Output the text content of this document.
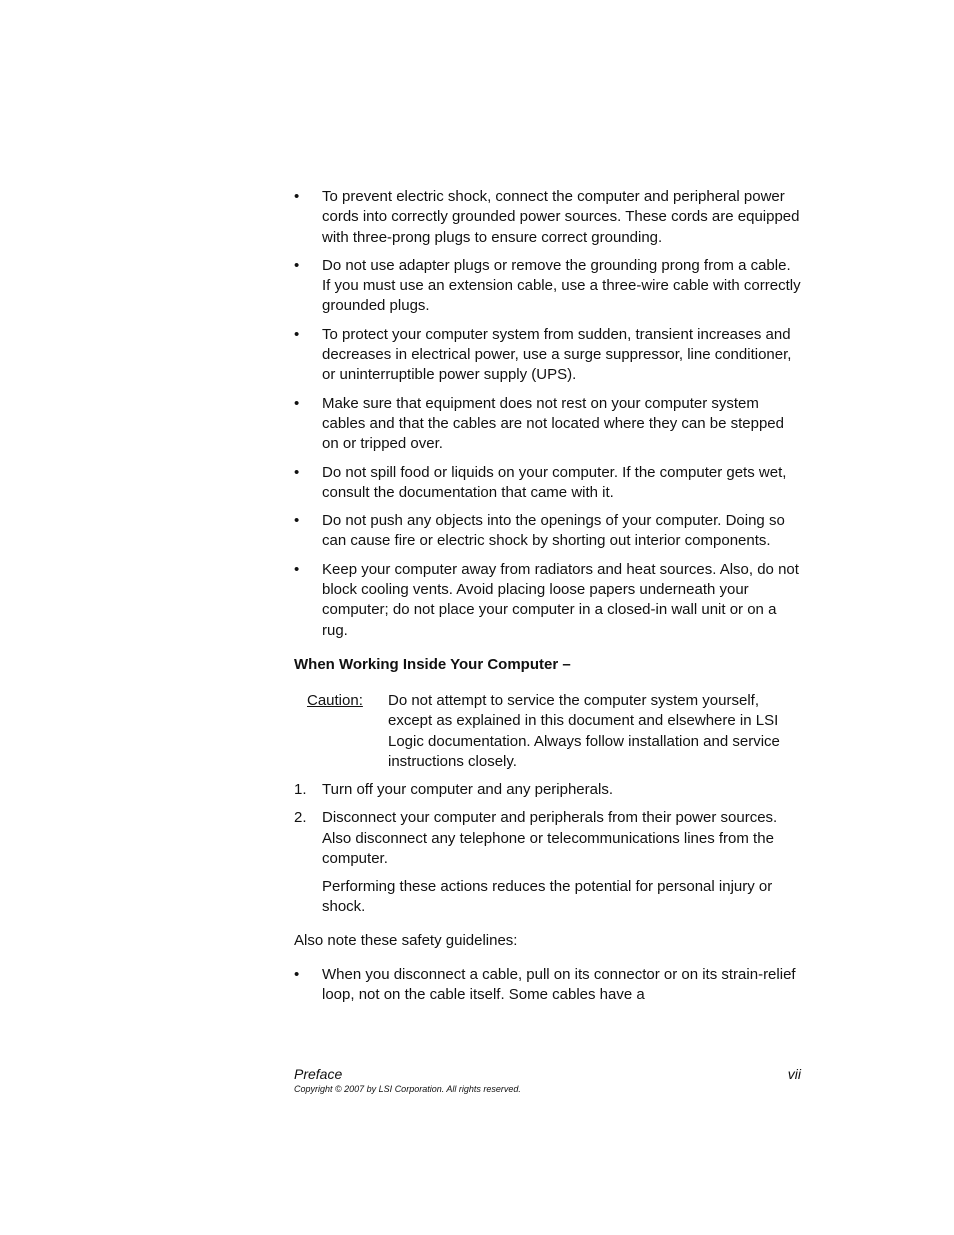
•	To prevent electric shock, connect the computer and peripheral power cords into correctly grounded power sources. These cords are equipped with three-prong plugs to ensure correct grounding.
•	Do not use adapter plugs or remove the grounding prong from a cable. If you must use an extension cable, use a three-wire cable with correctly grounded plugs.
•	To protect your computer system from sudden, transient increases and decreases in electrical power, use a surge suppressor, line conditioner, or uninterruptible power supply (UPS).
•	Make sure that equipment does not rest on your computer system cables and that the cables are not located where they can be stepped on or tripped over.
•	Do not spill food or liquids on your computer. If the computer gets wet, consult the documentation that came with it.
•	Do not push any objects into the openings of your computer. Doing so can cause fire or electric shock by shorting out interior components.
•	Keep your computer away from radiators and heat sources. Also, do not block cooling vents. Avoid placing loose papers underneath your computer; do not place your computer in a closed-in wall unit or on a rug.
When Working Inside Your Computer –
Caution: Do not attempt to service the computer system yourself, except as explained in this document and elsewhere in LSI Logic documentation. Always follow installation and service instructions closely.
1. Turn off your computer and any peripherals.
2. Disconnect your computer and peripherals from their power sources. Also disconnect any telephone or telecommunications lines from the computer.
Performing these actions reduces the potential for personal injury or shock.
Also note these safety guidelines:
•	When you disconnect a cable, pull on its connector or on its strain-relief loop, not on the cable itself. Some cables have a
Preface	vii
Copyright © 2007 by LSI Corporation. All rights reserved.
